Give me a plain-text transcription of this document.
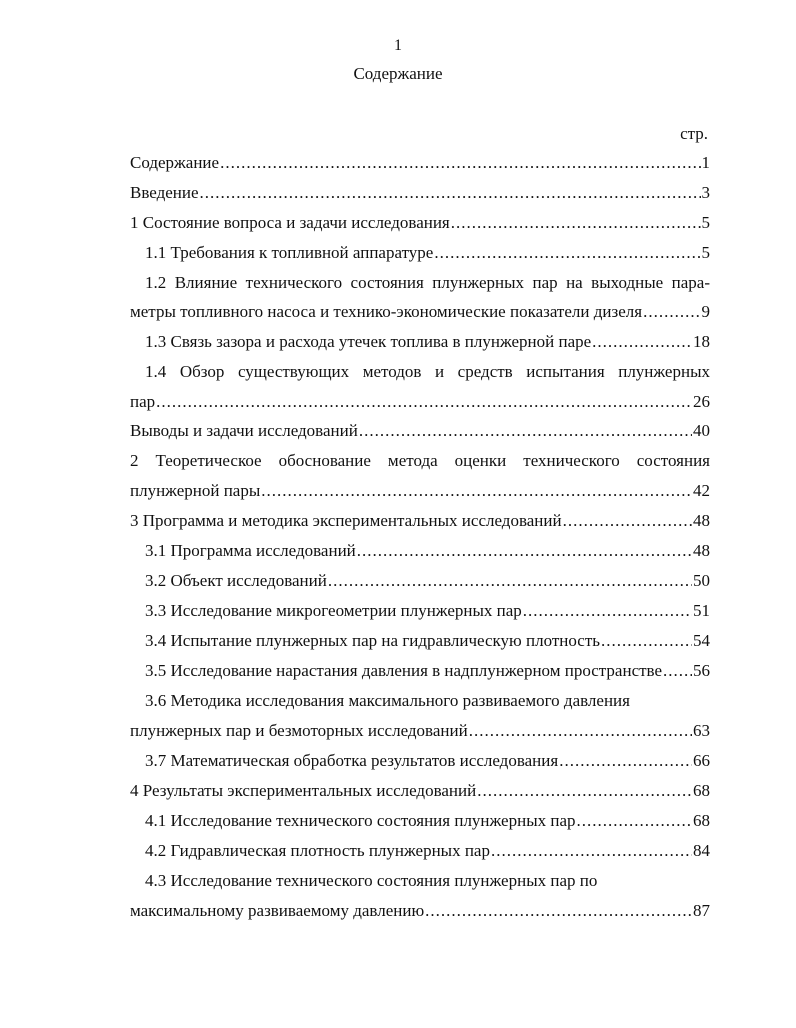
1
Содержание
стр.
Содержание .....	1
Введение .....	3
1 Состояние вопроса и задачи исследования .....	5
1.1 Требования к топливной аппаратуре .....	5
1.2 Влияние технического состояния плунжерных пар на выходные пара-
метры топливного насоса и технико-экономические показатели дизеля .....	9
1.3 Связь зазора и расхода утечек топлива в плунжерной паре .....	18
1.4 Обзор существующих методов и средств испытания плунжерных
пар .....	26
Выводы и задачи исследований .....	40
2 Теоретическое обоснование метода оценки технического состояния
плунжерной пары .....	42
3 Программа и методика экспериментальных исследований .....	48
3.1 Программа исследований .....	48
3.2 Объект исследований .....	50
3.3 Исследование микрогеометрии плунжерных пар .....	51
3.4 Испытание плунжерных пар на гидравлическую плотность .....	54
3.5 Исследование нарастания давления в надплунжерном пространстве ..... 56
3.6 Методика исследования максимального развиваемого давления
плунжерных пар и безмоторных исследований .....	63
3.7 Математическая обработка результатов исследования .....	66
4 Результаты экспериментальных исследований .....	68
4.1 Исследование технического состояния плунжерных пар .....	68
4.2 Гидравлическая плотность плунжерных пар .....	84
4.3 Исследование технического состояния плунжерных пар по
максимальному развиваемому давлению .....	87
